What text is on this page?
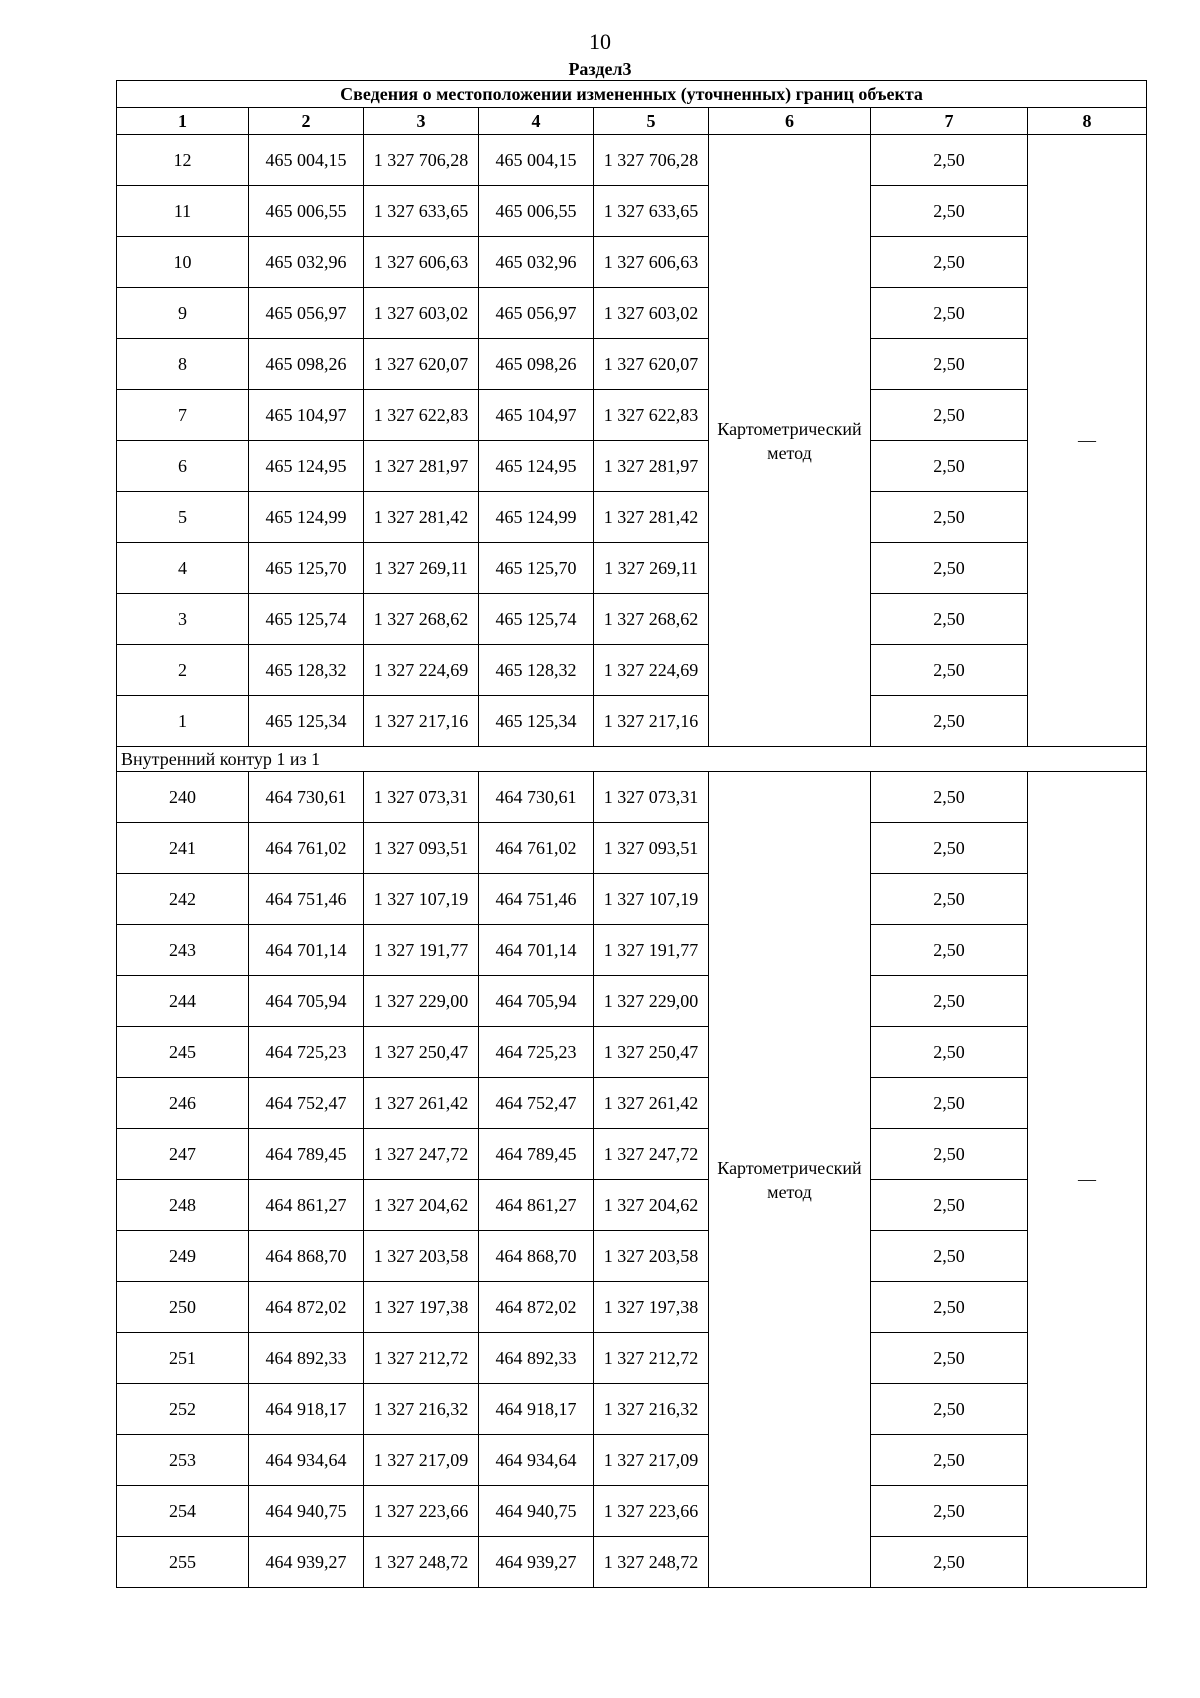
10
Раздел3
Сведения о местоположении измененных (уточненных) границ объекта							
1	2	3	4	5	6	7	8
12	465 004,15	1 327 706,28	465 004,15	1 327 706,28	Картометрический метод	2,50	—
11	465 006,55	1 327 633,65	465 006,55	1 327 633,65		2,50	
10	465 032,96	1 327 606,63	465 032,96	1 327 606,63		2,50	
9	465 056,97	1 327 603,02	465 056,97	1 327 603,02		2,50	
8	465 098,26	1 327 620,07	465 098,26	1 327 620,07		2,50	
7	465 104,97	1 327 622,83	465 104,97	1 327 622,83		2,50	
6	465 124,95	1 327 281,97	465 124,95	1 327 281,97		2,50	
5	465 124,99	1 327 281,42	465 124,99	1 327 281,42		2,50	
4	465 125,70	1 327 269,11	465 125,70	1 327 269,11		2,50	
3	465 125,74	1 327 268,62	465 125,74	1 327 268,62		2,50	
2	465 128,32	1 327 224,69	465 128,32	1 327 224,69		2,50	
1	465 125,34	1 327 217,16	465 125,34	1 327 217,16		2,50	
Внутренний контур 1 из 1							
240	464 730,61	1 327 073,31	464 730,61	1 327 073,31	Картометрический метод	2,50	—
241	464 761,02	1 327 093,51	464 761,02	1 327 093,51		2,50	
242	464 751,46	1 327 107,19	464 751,46	1 327 107,19		2,50	
243	464 701,14	1 327 191,77	464 701,14	1 327 191,77		2,50	
244	464 705,94	1 327 229,00	464 705,94	1 327 229,00		2,50	
245	464 725,23	1 327 250,47	464 725,23	1 327 250,47		2,50	
246	464 752,47	1 327 261,42	464 752,47	1 327 261,42		2,50	
247	464 789,45	1 327 247,72	464 789,45	1 327 247,72		2,50	
248	464 861,27	1 327 204,62	464 861,27	1 327 204,62		2,50	
249	464 868,70	1 327 203,58	464 868,70	1 327 203,58		2,50	
250	464 872,02	1 327 197,38	464 872,02	1 327 197,38		2,50	
251	464 892,33	1 327 212,72	464 892,33	1 327 212,72		2,50	
252	464 918,17	1 327 216,32	464 918,17	1 327 216,32		2,50	
253	464 934,64	1 327 217,09	464 934,64	1 327 217,09		2,50	
254	464 940,75	1 327 223,66	464 940,75	1 327 223,66		2,50	
255	464 939,27	1 327 248,72	464 939,27	1 327 248,72		2,50	
